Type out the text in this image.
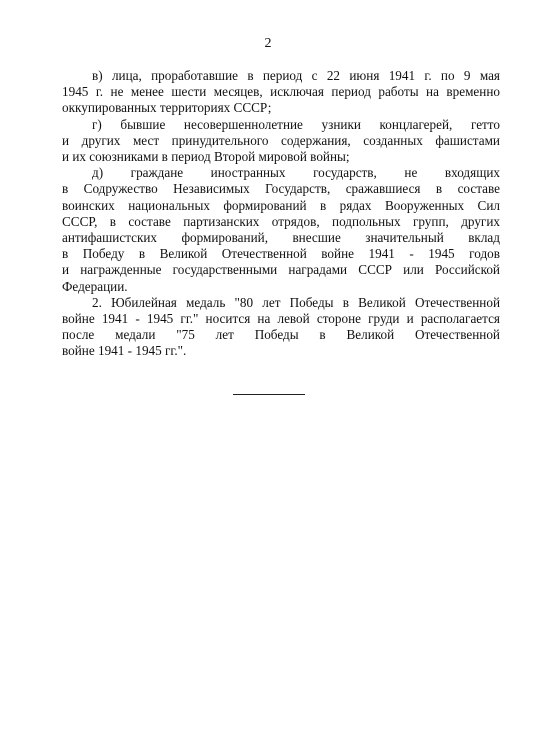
2

в) лица, проработавшие в период с 22 июня 1941 г. по 9 мая
1945 г. не менее шести месяцев, исключая период работы на временно
оккупированных территориях СССР;

г) бывшие несовершеннолетние узники концлагерей, гетто
и других мест принудительного содержания, созданных фашистами
и их союзниками в период Второй мировой войны;

д) граждане иностранных государств, не входящих
в Содружество Независимых Государств, сражавшиеся в составе
воинских национальных формирований в рядах Вооруженных Сил
СССР, в составе партизанских отрядов, подпольных групп, других
антифашистских формирований, внесшие значительный вклад
в Победу в Великой Отечественной войне 1941 - 1945 годов
и награжденные государственными наградами СССР или Российской
Федерации.

2. Юбилейная медаль "80 лет Победы в Великой Отечественной
войне 1941 - 1945 гг." носится на левой стороне груди и располагается
после медали "75 лет Победы в Великой Отечественной
войне 1941 - 1945 гг.".
